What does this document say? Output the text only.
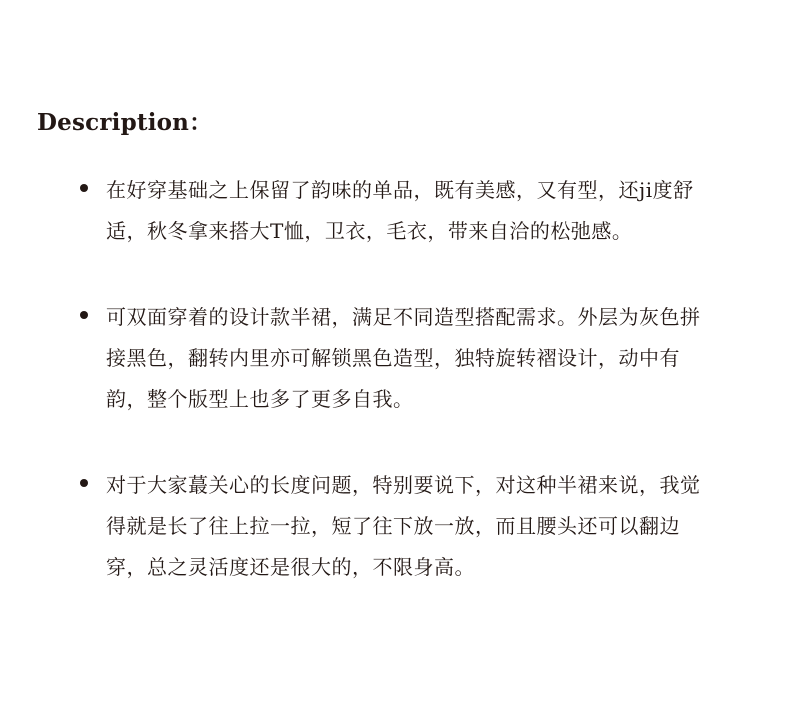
Description：
在好穿基础之上保留了韵味的单品，既有美感，又有型，还ji度舒适，秋冬拿来搭大T恤，卫衣，毛衣，带来自洽的松弛感。
可双面穿着的设计款半裙，满足不同造型搭配需求。外层为灰色拼接黑色，翻转内里亦可解锁黑色造型，独特旋转褶设计，动中有韵，整个版型上也多了更多自我。
对于大家蕞关心的长度问题，特别要说下，对这种半裙来说，我觉得就是长了往上拉一拉，短了往下放一放，而且腰头还可以翻边穿，总之灵活度还是很大的，不限身高。
